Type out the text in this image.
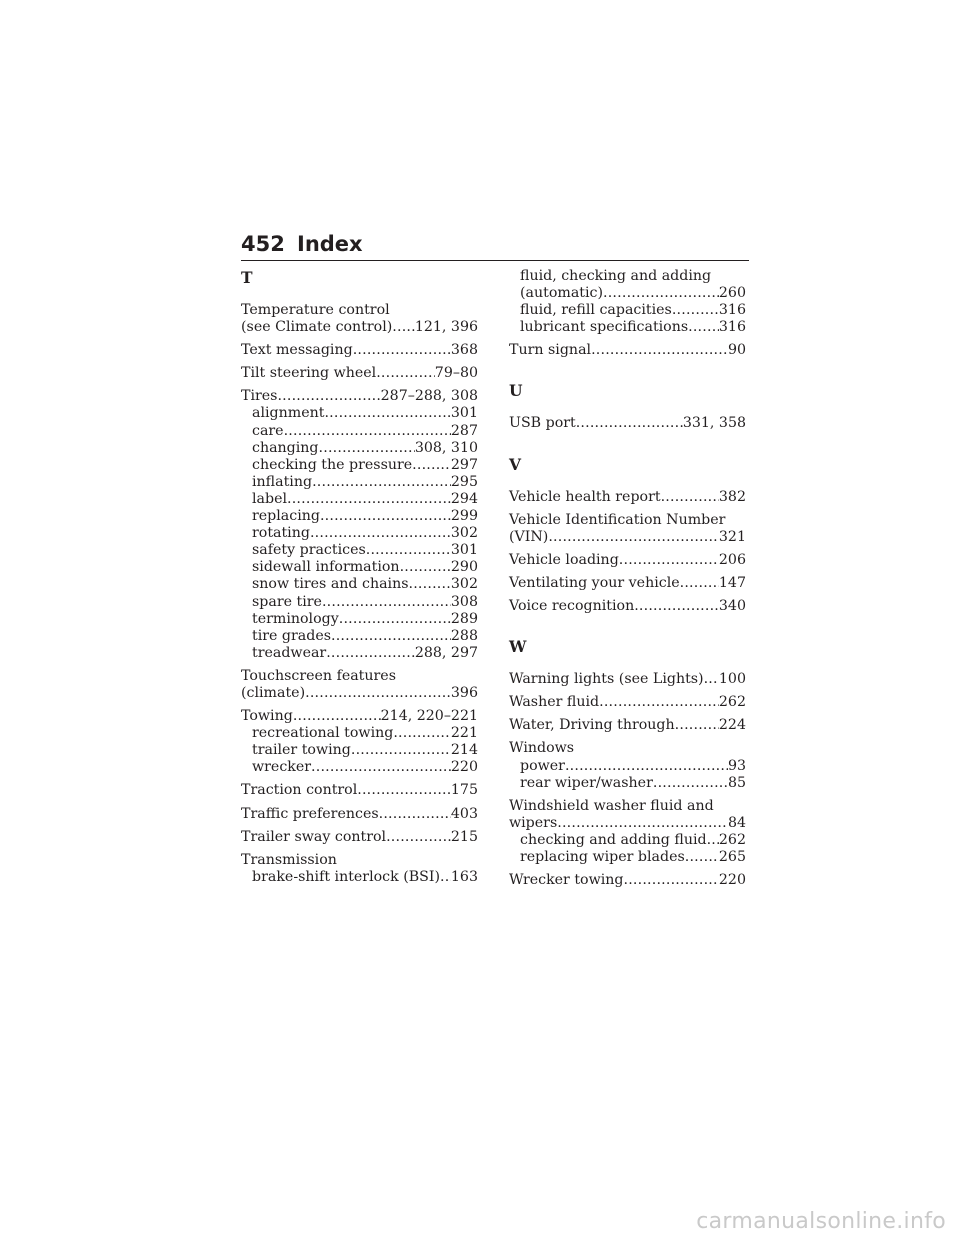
452 Index
T
Temperature control
(see Climate control) ..... 121, 396
Text messaging .....	368
Tilt steering wheel .....	79–80
Tires .....	287–288, 308
alignment .....	301
care .....	287
changing .....	308, 310
checking the pressure .....	297
inflating .....	295
label .....	294
replacing .....	299
rotating .....	302
safety practices .....	301
sidewall information .....	290
snow tires and chains .....	302
spare tire .....	308
terminology .....	289
tire grades .....	288
treadwear .....	288, 297
Touchscreen features
(climate) .....	396
Towing .....	214, 220–221
recreational towing .....	221
trailer towing .....	214
wrecker .....	220
Traction control .....	175
Traffic preferences .....	403
Trailer sway control .....	215
Transmission
brake-shift interlock (BSI) ..... 163
fluid, checking and adding
(automatic) .....	260
fluid, refill capacities .....	316
lubricant specifications ..... 316
Turn signal .....	90
U
USB port .....	331, 358
V
Vehicle health report .....	382
Vehicle Identification Number
(VIN) .....	321
Vehicle loading .....	206
Ventilating your vehicle .....	147
Voice recognition .....	340
W
Warning lights (see Lights) ..... 100
Washer fluid .....	262
Water, Driving through .....	224
Windows
power .....	93
rear wiper/washer .....	85
Windshield washer fluid and
wipers .....	84
checking and adding fluid ..... 262
replacing wiper blades ..... 265
Wrecker towing .....	220
carmanualsonline.info
